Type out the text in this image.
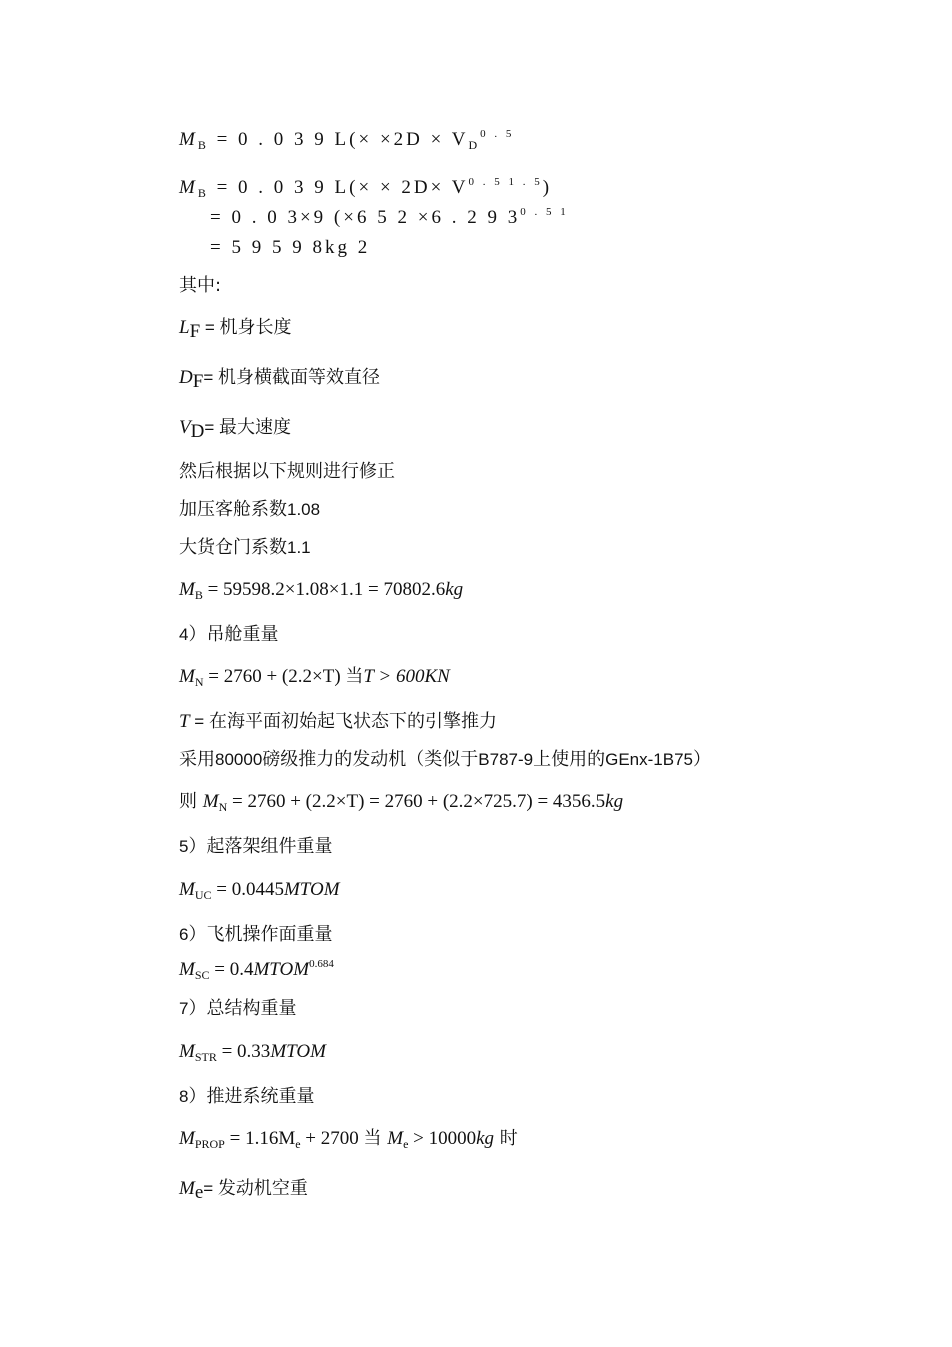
$M_B = 0$ . 0 3 9 $L(\times \times 2D \times V_D^{0 . 5}$
$M_B = 0$ . 0 3 9 $L(\times \times 2D\times V^{0 . 5 1 . 5})$
= 0 . 0 3×9 (×6 5 2 ×6 . 2 9 $3^{0 . 5 1}$
= 5 9 5 9 8kg 2
其中:
$L_F$ = 机身长度
$D_F=$ 机身横截面等效直径
$V_D=$ 最大速度
然后根据以下规则进行修正
加压客舱系数1.08
大货仓门系数1.1
$M_B = 59598.2\times 1.08\times 1.1 = 70802.6kg$
4）吊舱重量
$M_N = 2760 + (2.2\times T)$ 当T > 600KN
T = 在海平面初始起飞状态下的引擎推力
采用80000磅级推力的发动机（类似于B787-9上使用的GEnx-1B75）
则 $M_N = 2760 + (2.2\times T) = 2760 + (2.2\times 725.7) = 4356.5kg$
5）起落架组件重量
$M_{UC}$ = 0.0445MTOM
6）飞机操作面重量
$M_{SC}$ = $0.4MTOM^{0.684}$
7）总结构重量
$M_{STR}$ = 0.33MTOM
8）推进系统重量
$M_{PROP} = 1.16M_e + 2700$ 当 $M_e > 10000kg$ 时
$M_e=$ 发动机空重
